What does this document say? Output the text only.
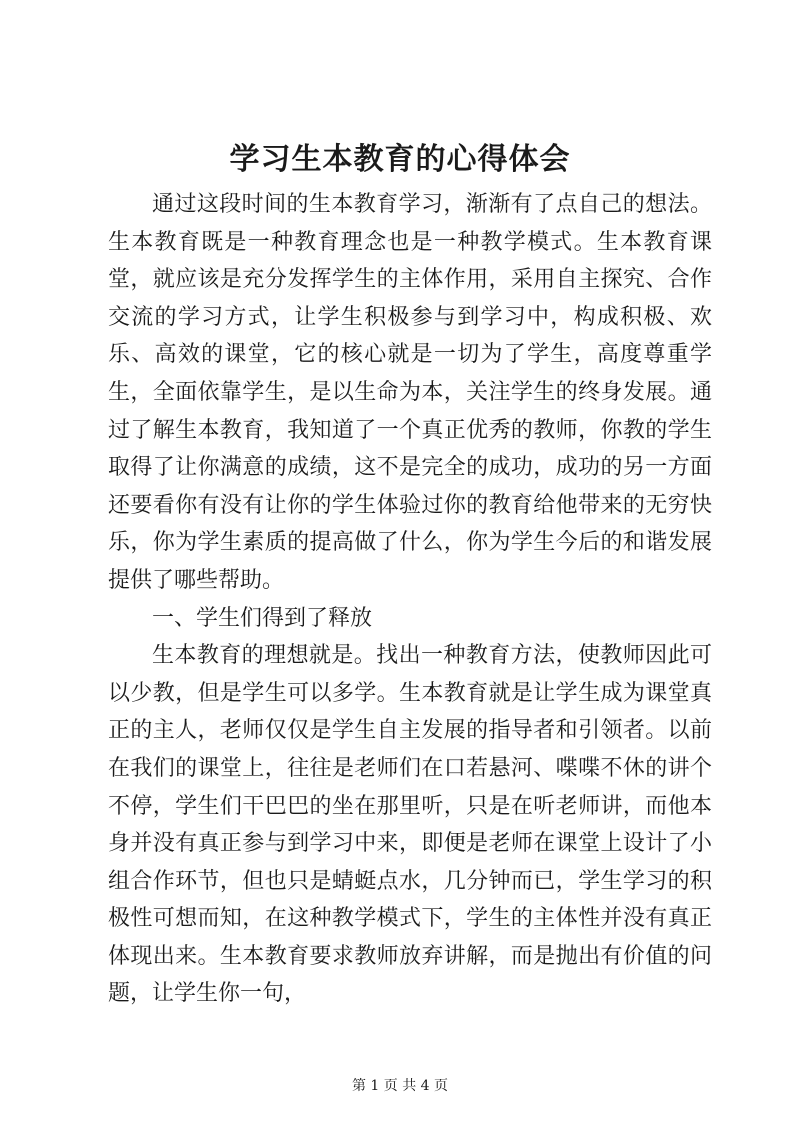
学习生本教育的心得体会

通过这段时间的生本教育学习，渐渐有了点自己的想法。生本教育既是一种教育理念也是一种教学模式。生本教育课堂，就应该是充分发挥学生的主体作用，采用自主探究、合作交流的学习方式，让学生积极参与到学习中，构成积极、欢乐、高效的课堂，它的核心就是一切为了学生，高度尊重学生，全面依靠学生，是以生命为本，关注学生的终身发展。通过了解生本教育，我知道了一个真正优秀的教师，你教的学生取得了让你满意的成绩，这不是完全的成功，成功的另一方面还要看你有没有让你的学生体验过你的教育给他带来的无穷快乐，你为学生素质的提高做了什么，你为学生今后的和谐发展提供了哪些帮助。

一、学生们得到了释放

生本教育的理想就是。找出一种教育方法，使教师因此可以少教，但是学生可以多学。生本教育就是让学生成为课堂真正的主人，老师仅仅是学生自主发展的指导者和引领者。以前在我们的课堂上，往往是老师们在口若悬河、喋喋不休的讲个不停，学生们干巴巴的坐在那里听，只是在听老师讲，而他本身并没有真正参与到学习中来，即便是老师在课堂上设计了小组合作环节，但也只是蜻蜓点水，几分钟而已，学生学习的积极性可想而知，在这种教学模式下，学生的主体性并没有真正体现出来。生本教育要求教师放弃讲解，而是抛出有价值的问题，让学生你一句，

第 1 页 共 4 页
